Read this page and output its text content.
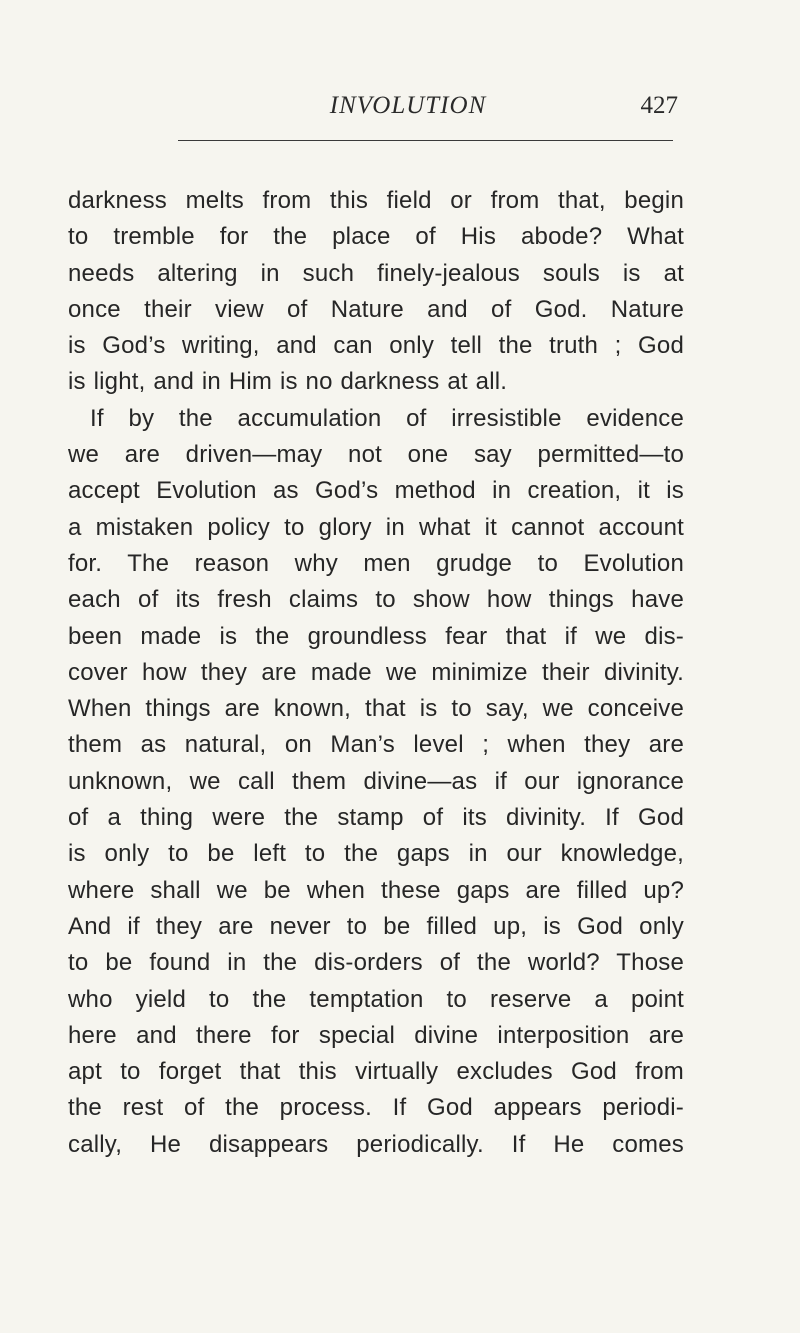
INVOLUTION	427
darkness melts from this field or from that, begin
to tremble for the place of His abode? What
needs altering in such finely-jealous souls is at
once their view of Nature and of God. Nature
is God’s writing, and can only tell the truth ; God
is light, and in Him is no darkness at all.
If by the accumulation of irresistible evidence
we are driven—may not one say permitted—to
accept Evolution as God’s method in creation, it is
a mistaken policy to glory in what it cannot account
for. The reason why men grudge to Evolution
each of its fresh claims to show how things have
been made is the groundless fear that if we dis-
cover how they are made we minimize their divinity.
When things are known, that is to say, we conceive
them as natural, on Man’s level ; when they are
unknown, we call them divine—as if our ignorance
of a thing were the stamp of its divinity. If God
is only to be left to the gaps in our knowledge,
where shall we be when these gaps are filled up?
And if they are never to be filled up, is God only
to be found in the dis-orders of the world? Those
who yield to the temptation to reserve a point
here and there for special divine interposition are
apt to forget that this virtually excludes God from
the rest of the process. If God appears periodi-
cally, He disappears periodically. If He comes
